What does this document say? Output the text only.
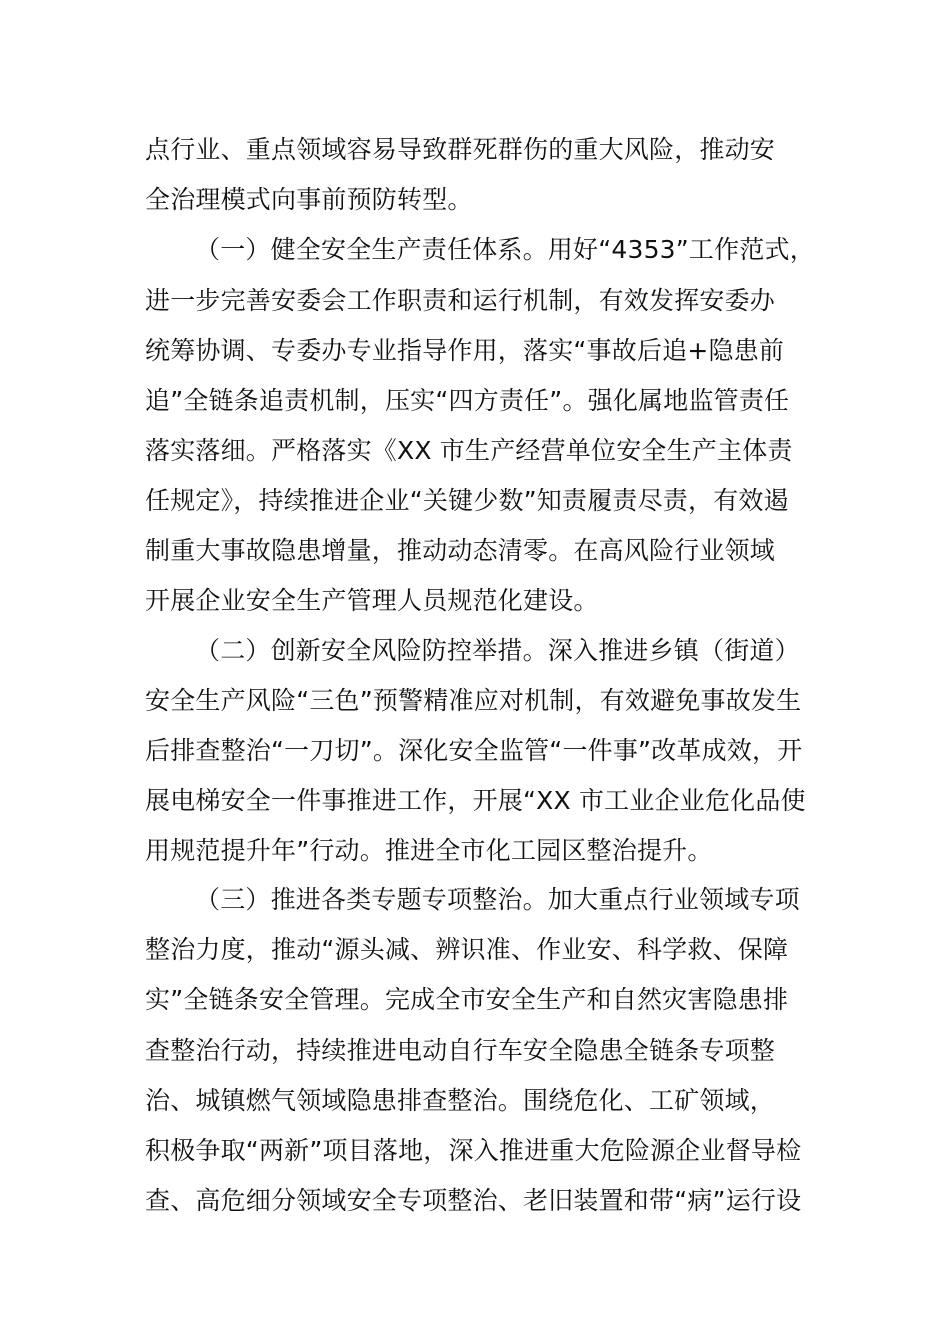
点行业、重点领域容易导致群死群伤的重大风险，推动安
全治理模式向事前预防转型。
（一）健全安全生产责任体系。用好“4353”工作范式，
进一步完善安委会工作职责和运行机制，有效发挥安委办
统筹协调、专委办专业指导作用，落实“事故后追+隐患前
追”全链条追责机制，压实“四方责任”。强化属地监管责任
落实落细。严格落实《XX 市生产经营单位安全生产主体责
任规定》，持续推进企业“关键少数”知责履责尽责，有效遏
制重大事故隐患增量，推动动态清零。在高风险行业领域
开展企业安全生产管理人员规范化建设。
（二）创新安全风险防控举措。深入推进乡镇（街道）
安全生产风险“三色”预警精准应对机制，有效避免事故发生
后排查整治“一刀切”。深化安全监管“一件事”改革成效，开
展电梯安全一件事推进工作，开展“XX 市工业企业危化品使
用规范提升年”行动。推进全市化工园区整治提升。
（三）推进各类专题专项整治。加大重点行业领域专项
整治力度，推动“源头减、辨识准、作业安、科学救、保障
实”全链条安全管理。完成全市安全生产和自然灾害隐患排
查整治行动，持续推进电动自行车安全隐患全链条专项整
治、城镇燃气领域隐患排查整治。围绕危化、工矿领域，
积极争取“两新”项目落地，深入推进重大危险源企业督导检
查、高危细分领域安全专项整治、老旧装置和带“病”运行设
